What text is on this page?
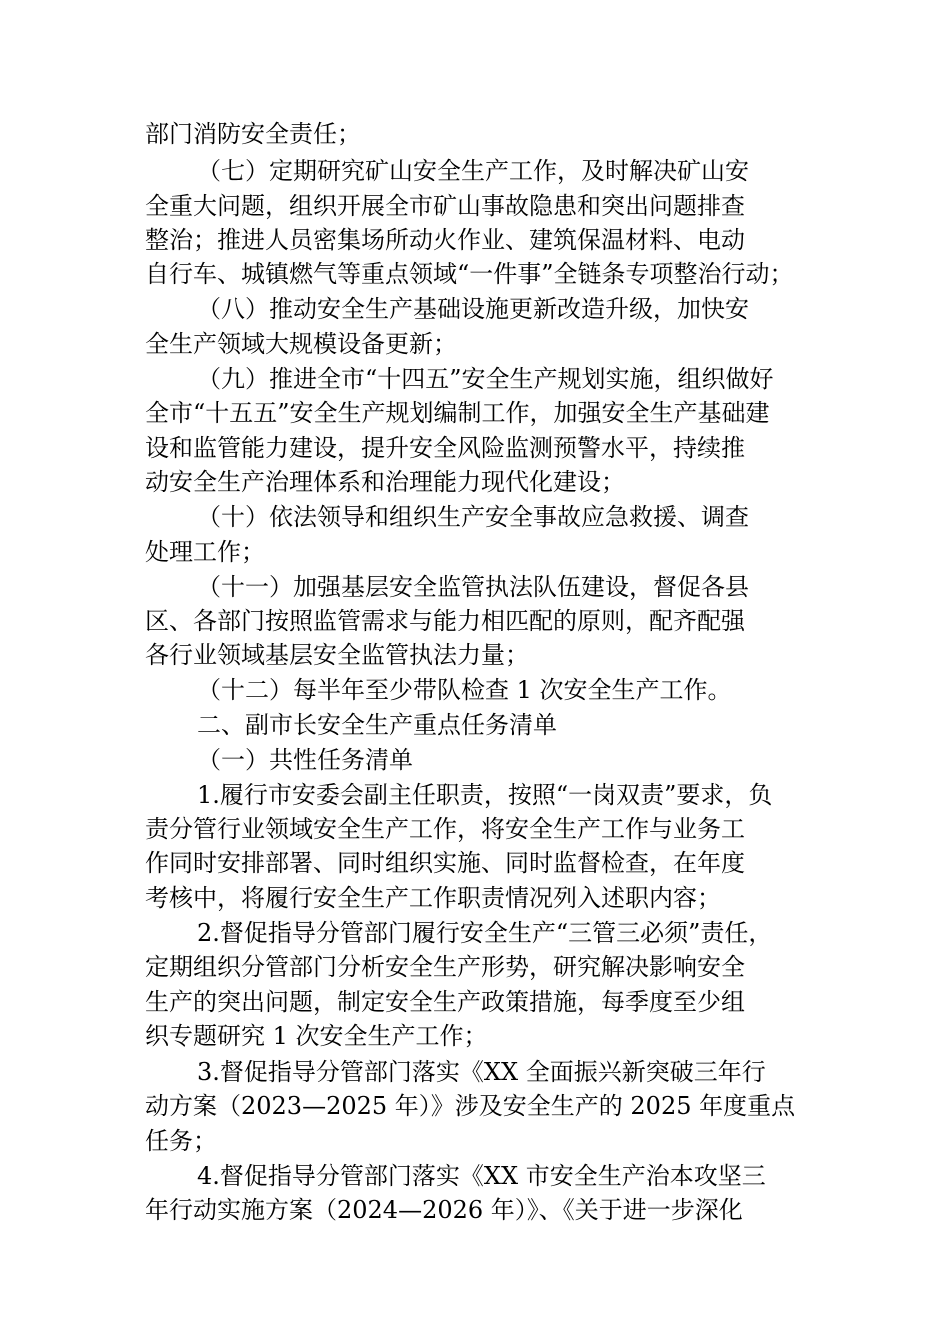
部门消防安全责任；
（七）定期研究矿山安全生产工作，及时解决矿山安
全重大问题，组织开展全市矿山事故隐患和突出问题排查
整治；推进人员密集场所动火作业、建筑保温材料、电动
自行车、城镇燃气等重点领域“一件事”全链条专项整治行动；
（八）推动安全生产基础设施更新改造升级，加快安
全生产领域大规模设备更新；
（九）推进全市“十四五”安全生产规划实施，组织做好
全市“十五五”安全生产规划编制工作，加强安全生产基础建
设和监管能力建设，提升安全风险监测预警水平，持续推
动安全生产治理体系和治理能力现代化建设；
（十）依法领导和组织生产安全事故应急救援、调查
处理工作；
（十一）加强基层安全监管执法队伍建设，督促各县
区、各部门按照监管需求与能力相匹配的原则，配齐配强
各行业领域基层安全监管执法力量；
（十二）每半年至少带队检查 1 次安全生产工作。
二、副市长安全生产重点任务清单
（一）共性任务清单
1.履行市安委会副主任职责，按照“一岗双责”要求，负
责分管行业领域安全生产工作，将安全生产工作与业务工
作同时安排部署、同时组织实施、同时监督检查，在年度
考核中，将履行安全生产工作职责情况列入述职内容；
2.督促指导分管部门履行安全生产“三管三必须”责任，
定期组织分管部门分析安全生产形势，研究解决影响安全
生产的突出问题，制定安全生产政策措施，每季度至少组
织专题研究 1 次安全生产工作；
3.督促指导分管部门落实《XX 全面振兴新突破三年行
动方案（2023—2025 年）》涉及安全生产的 2025 年度重点
任务；
4.督促指导分管部门落实《XX 市安全生产治本攻坚三
年行动实施方案（2024—2026 年）》、《关于进一步深化
